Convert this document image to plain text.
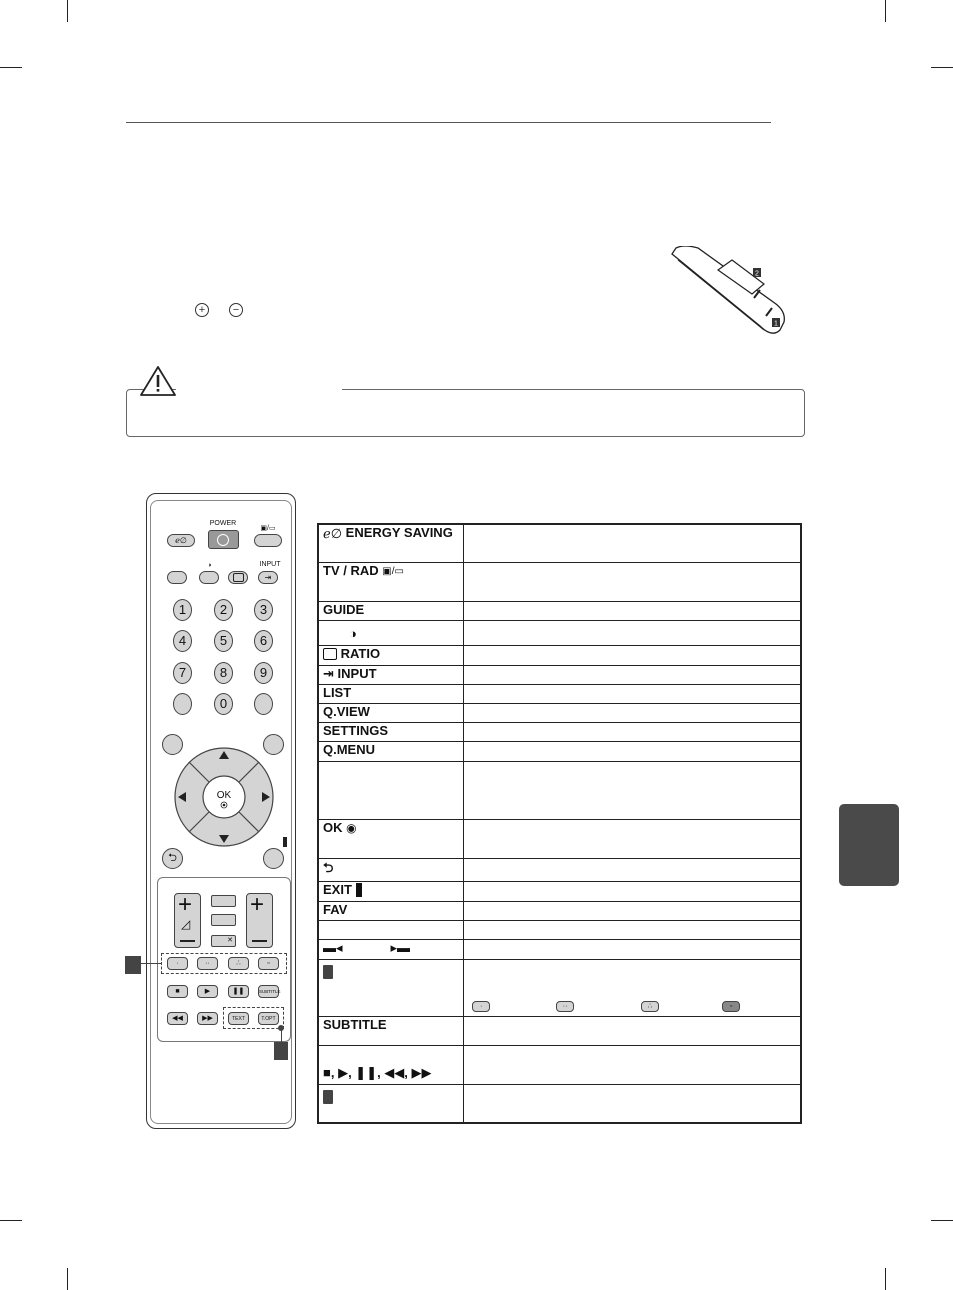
+	−
2
1
ℯ∅
POWER
▣/▭
◗	INPUT
⇥
1	2	3
4	5	6
7	8	9
0
OK
⮌
+
◿
✕
+
·	··	∴	▫
■	▶	❚❚	SUBTITLE
◀◀	▶▶	TEXT	T.OPT
ℯ∅ ENERGY SAVING	
TV / RAD ▣/▭	
GUIDE	
◑	
RATIO	
⇥ INPUT	
LIST	
Q.VIEW	
SETTINGS	
Q.MENU	

OK ◉	
⮌	
EXIT	
FAV	

▬◂ ▸▬	

	· ·· ∴ ▫

SUBTITLE	
■, ▶, ❚❚, ◀◀, ▶▶	
